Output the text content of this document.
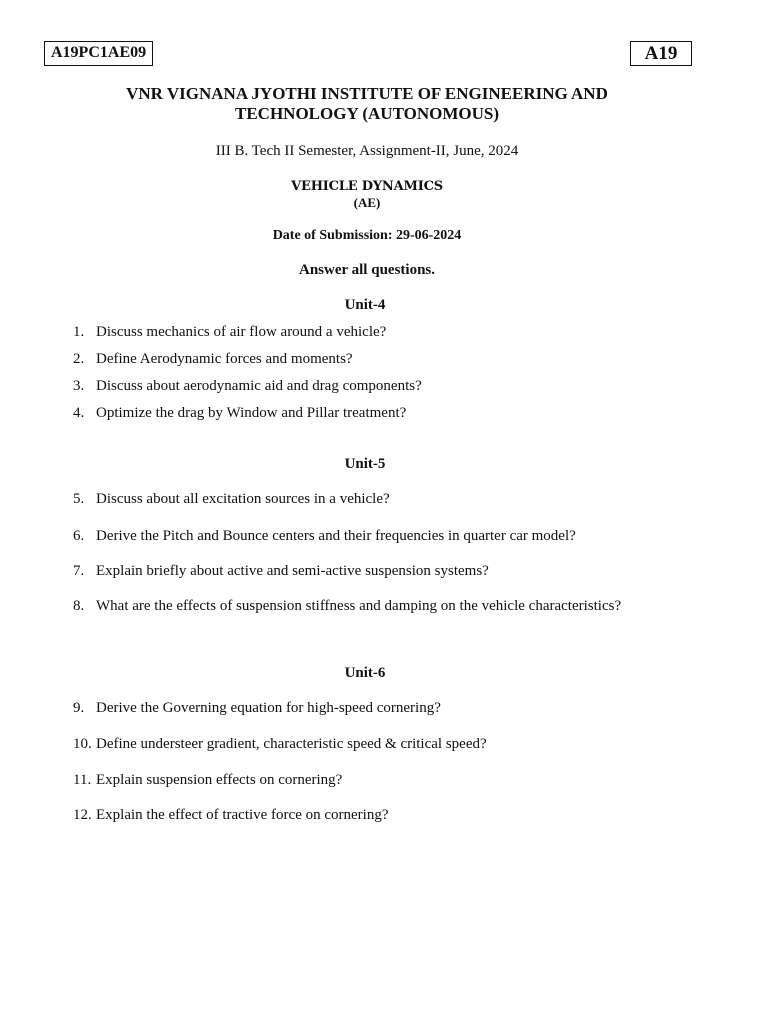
A19PC1AE09	A19
VNR VIGNANA JYOTHI INSTITUTE OF ENGINEERING AND
TECHNOLOGY (AUTONOMOUS)
III B. Tech II Semester, Assignment-II, June, 2024
VEHICLE DYNAMICS
(AE)
Date of Submission: 29-06-2024
Answer all questions.
Unit-4
1. Discuss mechanics of air flow around a vehicle?
2. Define Aerodynamic forces and moments?
3. Discuss about aerodynamic aid and drag components?
4. Optimize the drag by Window and Pillar treatment?
Unit-5
5. Discuss about all excitation sources in a vehicle?
6. Derive the Pitch and Bounce centers and their frequencies in quarter car model?
7. Explain briefly about active and semi-active suspension systems?
8. What are the effects of suspension stiffness and damping on the vehicle characteristics?
Unit-6
9. Derive the Governing equation for high-speed cornering?
10. Define understeer gradient, characteristic speed & critical speed?
11. Explain suspension effects on cornering?
12. Explain the effect of tractive force on cornering?
